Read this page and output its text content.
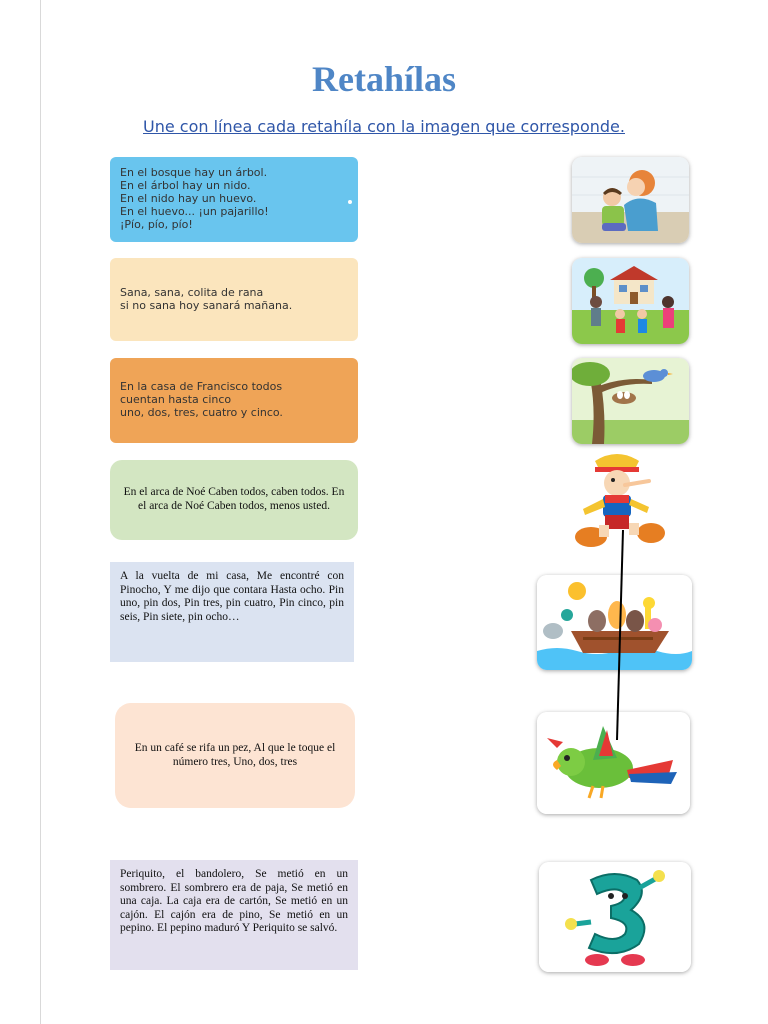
Retahílas
Une con línea cada retahíla con la imagen que corresponde.
En el bosque hay un árbol.
En el árbol hay un nido.
En el nido hay un huevo.
En el huevo... ¡un pajarillo!
¡Pío, pío, pío!
Sana, sana, colita de rana
si no sana hoy sanará mañana.
En la casa de Francisco todos
cuentan hasta cinco
uno, dos, tres, cuatro y cinco.
En el arca de Noé Caben todos, caben todos. En el arca de Noé Caben todos, menos usted.
A la vuelta de mi casa, Me encontré con Pinocho, Y me dijo que contara Hasta ocho. Pin uno, pin dos, Pin tres, pin cuatro, Pin cinco, pin seis, Pin siete, pin ocho…
En un café se rifa un pez, Al que le toque el número tres, Uno, dos, tres
Periquito, el bandolero, Se metió en un sombrero. El sombrero era de paja, Se metió en una caja. La caja era de cartón, Se metió en un cajón. El cajón era de pino, Se metió en un pepino. El pepino maduró Y Periquito se salvó.
